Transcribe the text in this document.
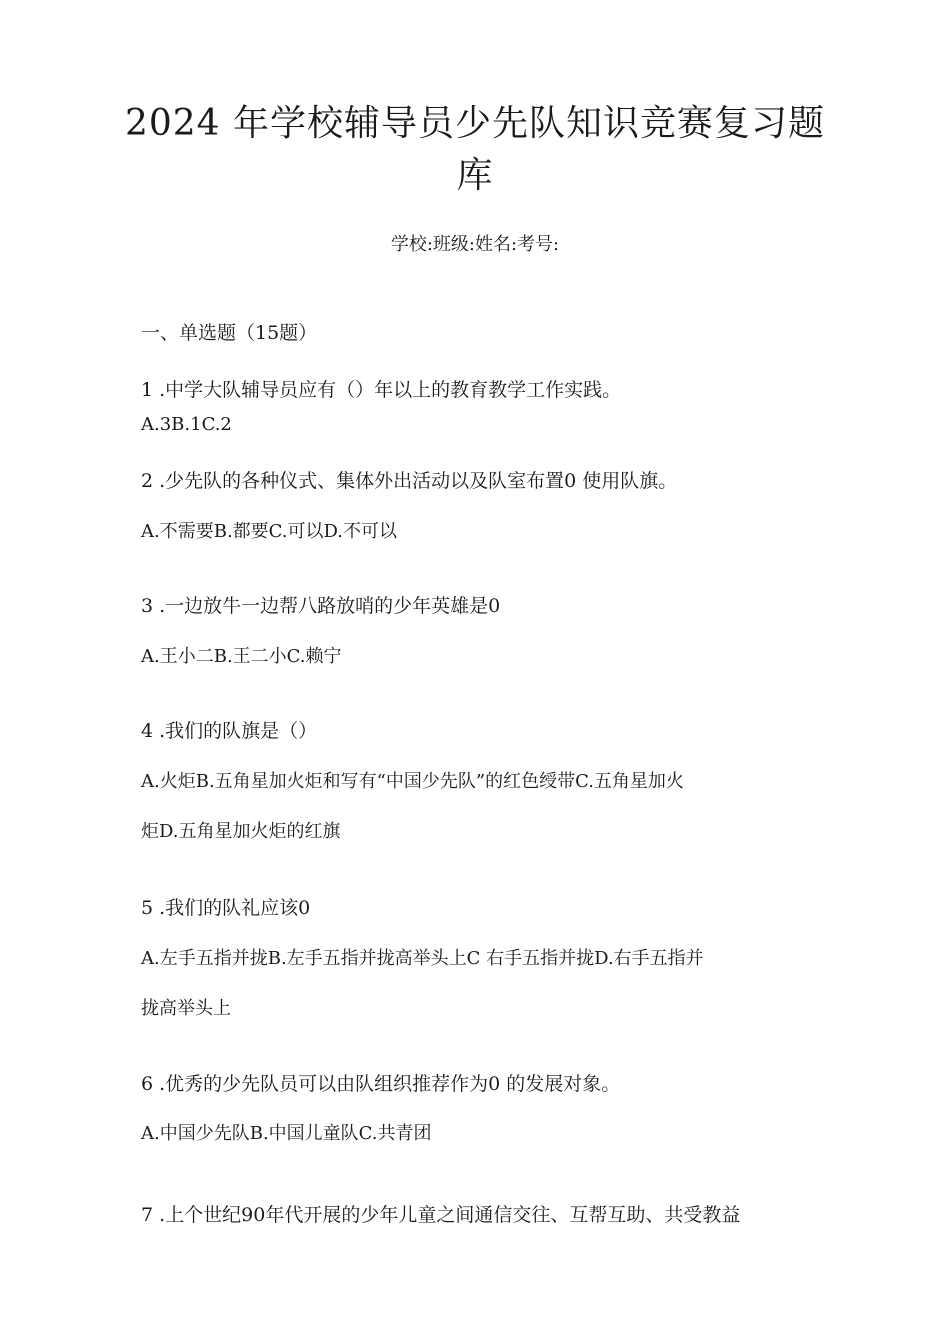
2024 年学校辅导员少先队知识竞赛复习题
库
学校:班级:姓名:考号:
一、单选题（15题）
1 .中学大队辅导员应有（）年以上的教育教学工作实践。
A.3B.1C.2
2 .少先队的各种仪式、集体外出活动以及队室布置0 使用队旗。
A.不需要B.都要C.可以D.不可以
3 .一边放牛一边帮八路放哨的少年英雄是0
A.王小二B.王二小C.赖宁
4 .我们的队旗是（）
A.火炬B.五角星加火炬和写有“中国少先队”的红色绶带C.五角星加火
炬D.五角星加火炬的红旗
5 .我们的队礼应该0
A.左手五指并拢B.左手五指并拢高举头上C 右手五指并拢D.右手五指并
拢高举头上
6 .优秀的少先队员可以由队组织推荐作为0 的发展对象。
A.中国少先队B.中国儿童队C.共青团
7 .上个世纪90年代开展的少年儿童之间通信交往、互帮互助、共受教益
